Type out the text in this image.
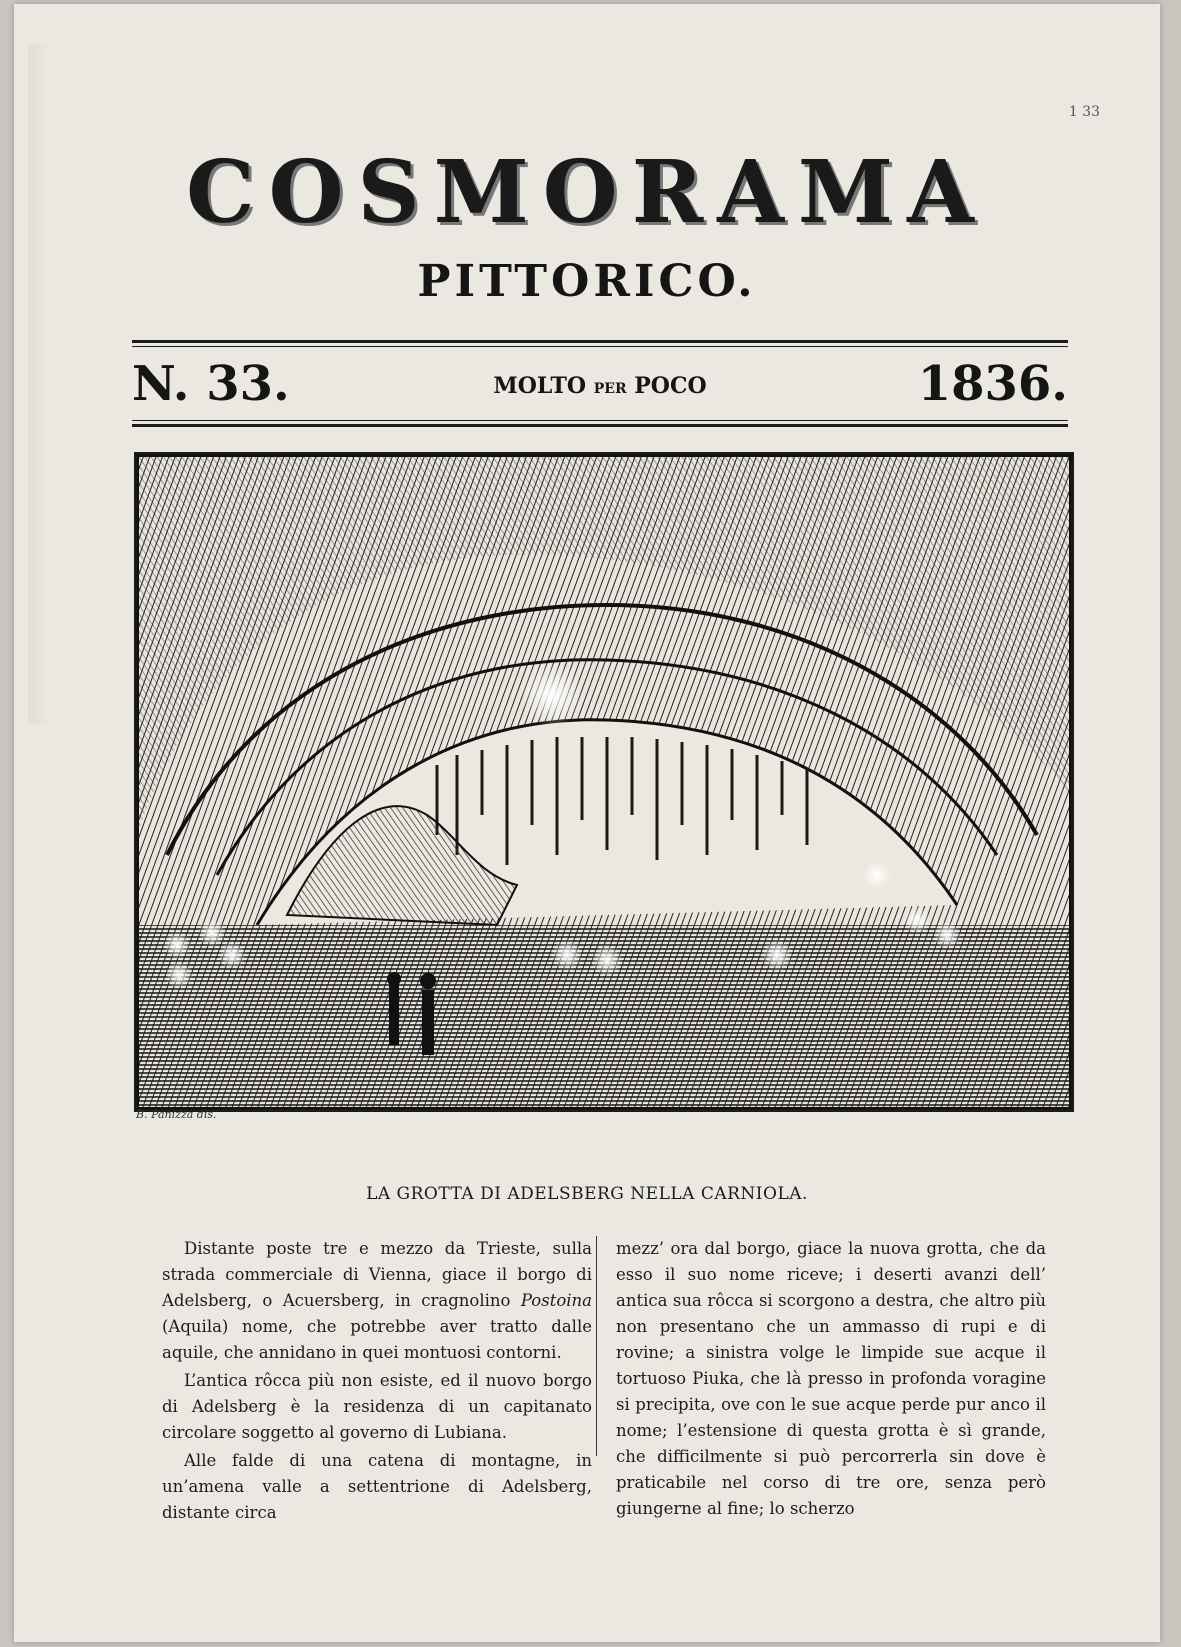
1 33
COSMORAMA
PITTORICO.
N. 33.	MOLTO PER POCO	1836.
B. Panizza dis.
LA GROTTA DI ADELSBERG NELLA CARNIOLA.

Distante poste tre e mezzo da Trieste, sulla strada commerciale di Vienna, giace il borgo di Adelsberg, o Acuersberg, in cragnolino Postoina (Aquila) nome, che potrebbe aver tratto dalle aquile, che annidano in quei montuosi contorni.

L’antica rôcca più non esiste, ed il nuovo borgo di Adelsberg è la residenza di un capitanato circolare soggetto al governo di Lubiana.

Alle falde di una catena di montagne, in un’amena valle a settentrione di Adelsberg, distante circa

mezz’ ora dal borgo, giace la nuova grotta, che da esso il suo nome riceve; i deserti avanzi dell’ antica sua rôcca si scorgono a destra, che altro più non presentano che un ammasso di rupi e di rovine; a sinistra volge le limpide sue acque il tortuoso Piuka, che là presso in profonda voragine si precipita, ove con le sue acque perde pur anco il nome; l’estensione di questa grotta è sì grande, che difficilmente si può percorrerla sin dove è praticabile nel corso di tre ore, senza però giungerne al fine; lo scherzo
